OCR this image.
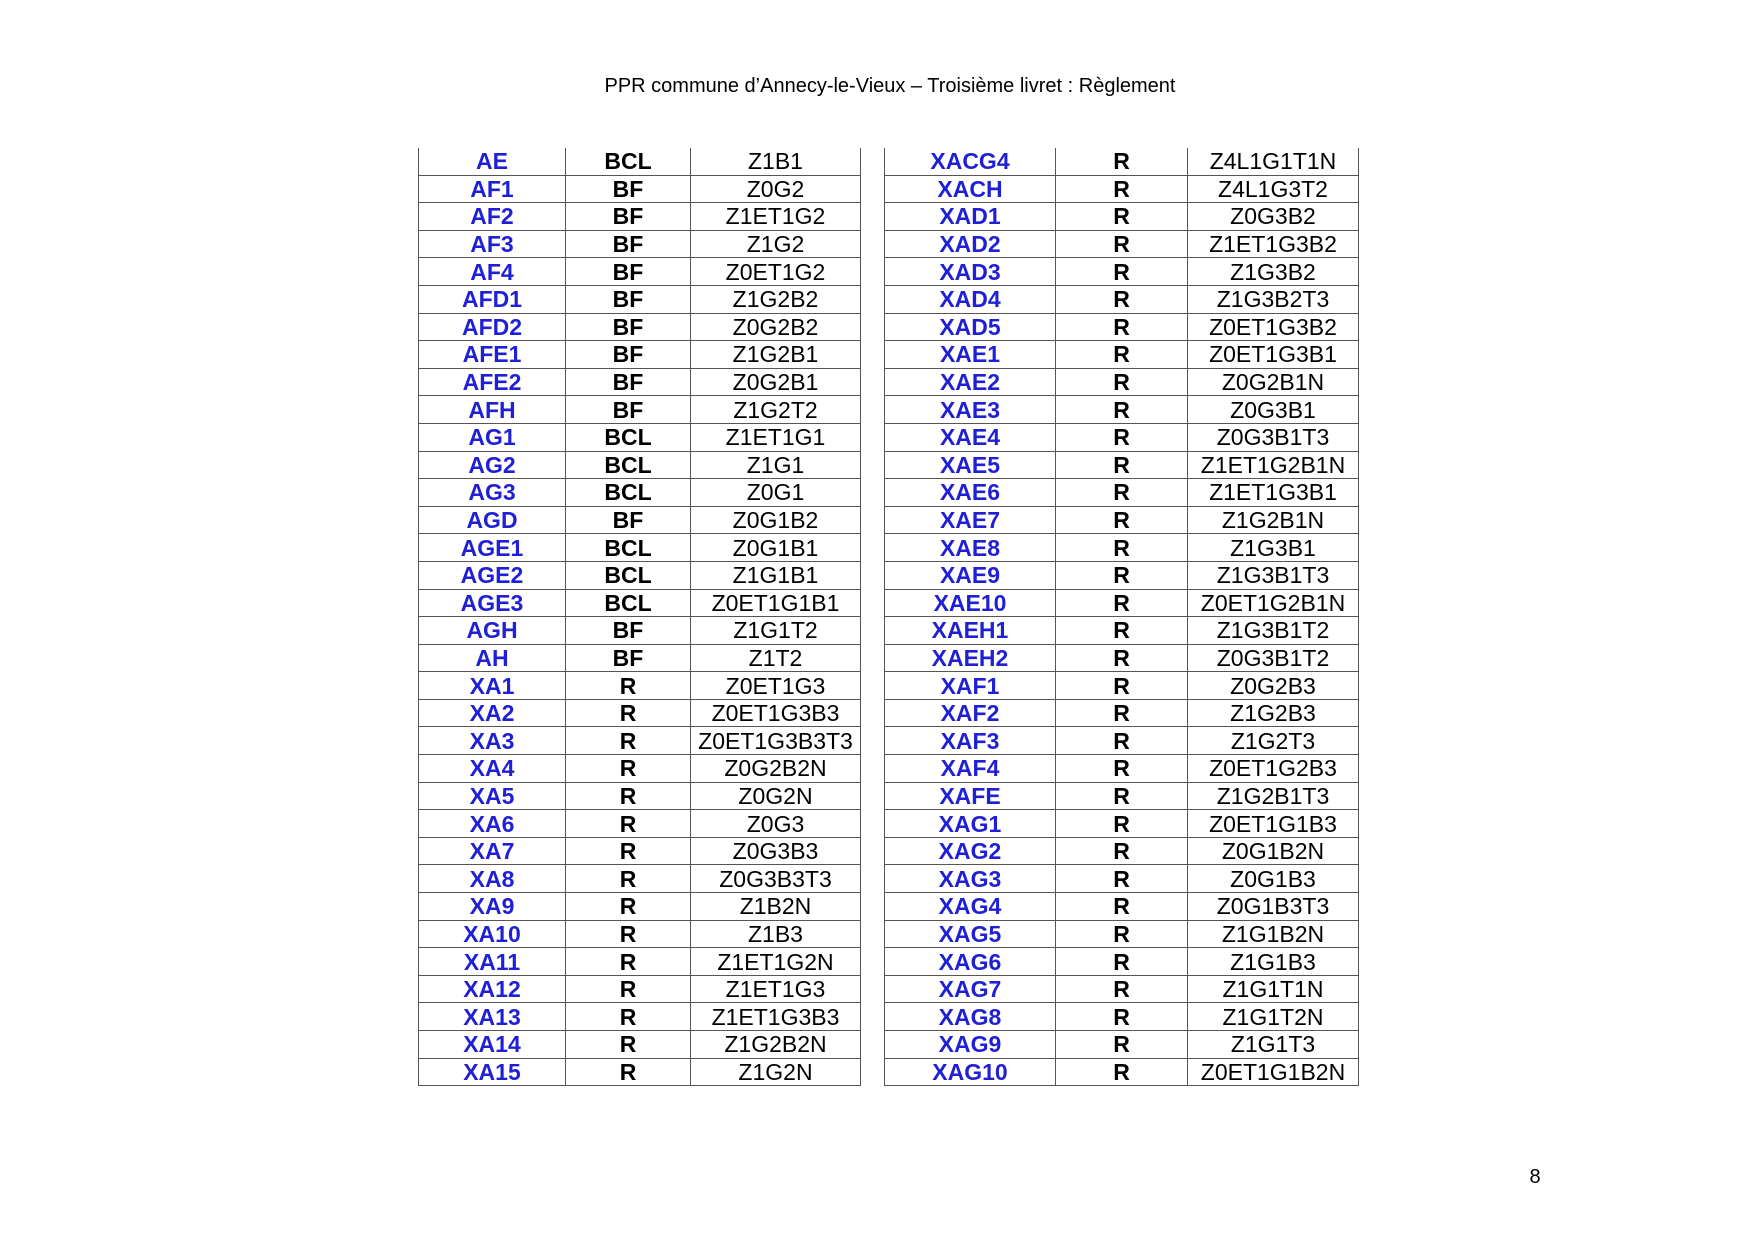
PPR commune d’Annecy-le-Vieux – Troisième livret : Règlement
AE	BCL	Z1B1		XACG4	R	Z4L1G1T1N
AF1	BF	Z0G2		XACH	R	Z4L1G3T2
AF2	BF	Z1ET1G2		XAD1	R	Z0G3B2
AF3	BF	Z1G2		XAD2	R	Z1ET1G3B2
AF4	BF	Z0ET1G2		XAD3	R	Z1G3B2
AFD1	BF	Z1G2B2		XAD4	R	Z1G3B2T3
AFD2	BF	Z0G2B2		XAD5	R	Z0ET1G3B2
AFE1	BF	Z1G2B1		XAE1	R	Z0ET1G3B1
AFE2	BF	Z0G2B1		XAE2	R	Z0G2B1N
AFH	BF	Z1G2T2		XAE3	R	Z0G3B1
AG1	BCL	Z1ET1G1		XAE4	R	Z0G3B1T3
AG2	BCL	Z1G1		XAE5	R	Z1ET1G2B1N
AG3	BCL	Z0G1		XAE6	R	Z1ET1G3B1
AGD	BF	Z0G1B2		XAE7	R	Z1G2B1N
AGE1	BCL	Z0G1B1		XAE8	R	Z1G3B1
AGE2	BCL	Z1G1B1		XAE9	R	Z1G3B1T3
AGE3	BCL	Z0ET1G1B1		XAE10	R	Z0ET1G2B1N
AGH	BF	Z1G1T2		XAEH1	R	Z1G3B1T2
AH	BF	Z1T2		XAEH2	R	Z0G3B1T2
XA1	R	Z0ET1G3		XAF1	R	Z0G2B3
XA2	R	Z0ET1G3B3		XAF2	R	Z1G2B3
XA3	R	Z0ET1G3B3T3		XAF3	R	Z1G2T3
XA4	R	Z0G2B2N		XAF4	R	Z0ET1G2B3
XA5	R	Z0G2N		XAFE	R	Z1G2B1T3
XA6	R	Z0G3		XAG1	R	Z0ET1G1B3
XA7	R	Z0G3B3		XAG2	R	Z0G1B2N
XA8	R	Z0G3B3T3		XAG3	R	Z0G1B3
XA9	R	Z1B2N		XAG4	R	Z0G1B3T3
XA10	R	Z1B3		XAG5	R	Z1G1B2N
XA11	R	Z1ET1G2N		XAG6	R	Z1G1B3
XA12	R	Z1ET1G3		XAG7	R	Z1G1T1N
XA13	R	Z1ET1G3B3		XAG8	R	Z1G1T2N
XA14	R	Z1G2B2N		XAG9	R	Z1G1T3
XA15	R	Z1G2N		XAG10	R	Z0ET1G1B2N
8
